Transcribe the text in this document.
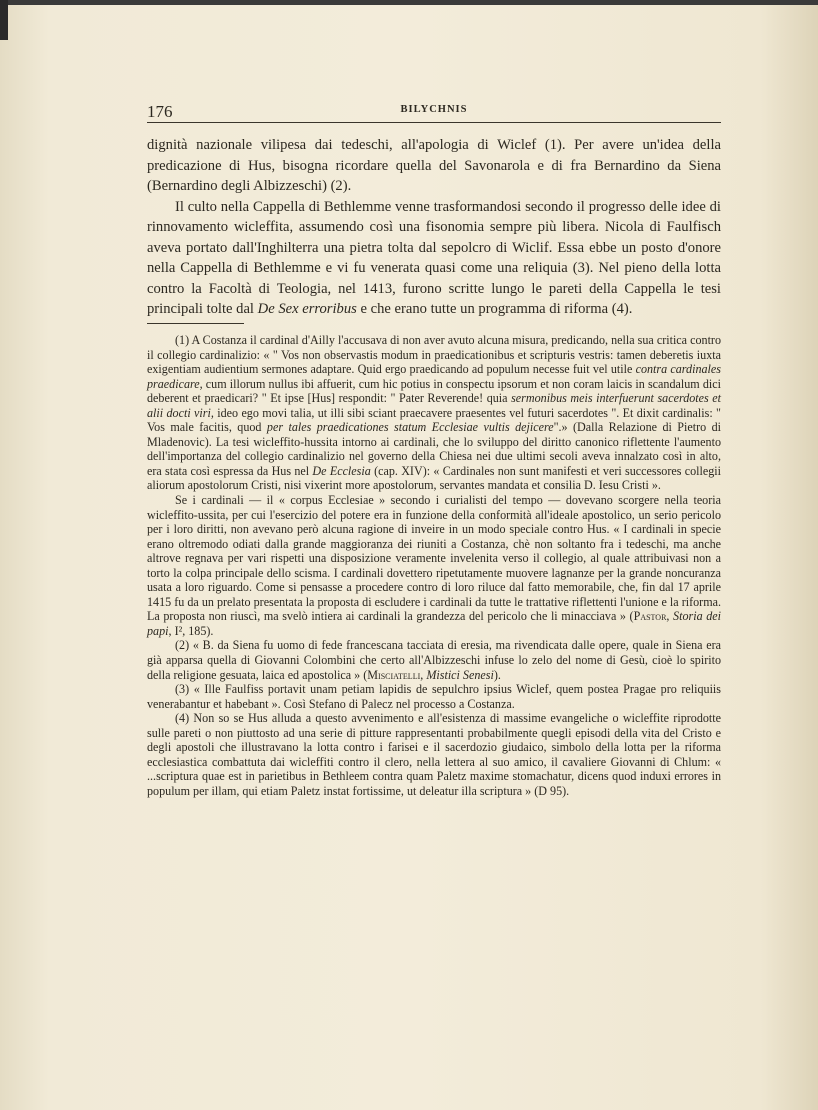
176	BILYCHNIS

dignità nazionale vilipesa dai tedeschi, all'apologia di Wiclef (1). Per avere un'idea della predicazione di Hus, bisogna ricordare quella del Savonarola e di fra Bernardino da Siena (Bernardino degli Albizzeschi) (2).

Il culto nella Cappella di Bethlemme venne trasformandosi secondo il progresso delle idee di rinnovamento wicleffita, assumendo così una fisonomia sempre più libera. Nicola di Faulfisch aveva portato dall'Inghilterra una pietra tolta dal sepolcro di Wiclif. Essa ebbe un posto d'onore nella Cappella di Bethlemme e vi fu venerata quasi come una reliquia (3). Nel pieno della lotta contro la Facoltà di Teologia, nel 1413, furono scritte lungo le pareti della Cappella le tesi principali tolte dal De Sex erroribus e che erano tutte un programma di riforma (4).

(1) A Costanza il cardinal d'Ailly l'accusava di non aver avuto alcuna misura, predicando, nella sua critica contro il collegio cardinalizio: « " Vos non observastis modum in praedicationibus et scripturis vestris: tamen deberetis iuxta exigentiam audientium sermones adaptare. Quid ergo praedicando ad populum necesse fuit vel utile contra cardinales praedicare, cum illorum nullus ibi affuerit, cum hic potius in conspectu ipsorum et non coram laicis in scandalum dici deberent et praedicari? " Et ipse [Hus] respondit: " Pater Reverende! quia sermonibus meis interfuerunt sacerdotes et alii docti viri, ideo ego movi talia, ut illi sibi sciant praecavere praesentes vel futuri sacerdotes ". Et dixit cardinalis: " Vos male facitis, quod per tales praedicationes statum Ecclesiae vultis dejicere".» (Dalla Relazione di Pietro di Mladenovic). La tesi wicleffito-hussita intorno ai cardinali, che lo sviluppo del diritto canonico riflettente l'aumento dell'importanza del collegio cardinalizio nel governo della Chiesa nei due ultimi secoli aveva innalzato così in alto, era stata così espressa da Hus nel De Ecclesia (cap. XIV): « Cardinales non sunt manifesti et veri successores collegii aliorum apostolorum Cristi, nisi vixerint more apostolorum, servantes mandata et consilia D. Iesu Cristi ».

Se i cardinali — il « corpus Ecclesiae » secondo i curialisti del tempo — dovevano scorgere nella teoria wicleffito-ussita, per cui l'esercizio del potere era in funzione della conformità all'ideale apostolico, un serio pericolo per i loro diritti, non avevano però alcuna ragione di inveire in un modo speciale contro Hus. « I cardinali in specie erano oltremodo odiati dalla grande maggioranza dei riuniti a Costanza, chè non soltanto fra i tedeschi, ma anche altrove regnava per vari rispetti una disposizione veramente invelenita verso il collegio, al quale attribuivasi non a torto la colpa principale dello scisma. I cardinali dovettero ripetutamente muovere lagnanze per la grande noncuranza usata a loro riguardo. Come si pensasse a procedere contro di loro riluce dal fatto memorabile, che, fin dal 17 aprile 1415 fu da un prelato presentata la proposta di escludere i cardinali da tutte le trattative riflettenti l'unione e la riforma. La proposta non riuscì, ma svelò intiera ai cardinali la grandezza del pericolo che li minacciava » (Pastor, Storia dei papi, I², 185).

(2) « B. da Siena fu uomo di fede francescana tacciata di eresia, ma rivendicata dalle opere, quale in Siena era già apparsa quella di Giovanni Colombini che certo all'Albizzeschi infuse lo zelo del nome di Gesù, cioè lo spirito della religione gesuata, laica ed apostolica » (Misciatelli, Mistici Senesi).

(3) « Ille Faulfiss portavit unam petiam lapidis de sepulchro ipsius Wiclef, quem postea Pragae pro reliquiis venerabantur et habebant ». Così Stefano di Palecz nel processo a Costanza.

(4) Non so se Hus alluda a questo avvenimento e all'esistenza di massime evangeliche o wicleffite riprodotte sulle pareti o non piuttosto ad una serie di pitture rappresentanti probabilmente quegli episodi della vita del Cristo e degli apostoli che illustravano la lotta contro i farisei e il sacerdozio giudaico, simbolo della lotta per la riforma ecclesiastica combattuta dai wicleffiti contro il clero, nella lettera al suo amico, il cavaliere Giovanni di Chlum: « ...scriptura quae est in parietibus in Bethleem contra quam Paletz maxime stomachatur, dicens quod induxi errores in populum per illam, qui etiam Paletz instat fortissime, ut deleatur illa scriptura » (D 95).
